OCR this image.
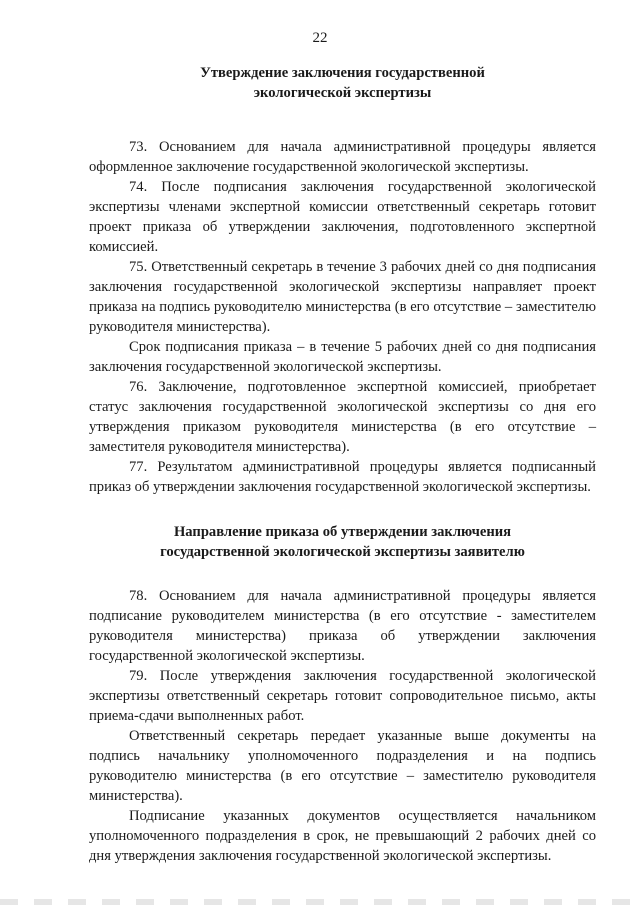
22
Утверждение заключения государственной
экологической экспертизы

73. Основанием для начала административной процедуры является оформленное заключение государственной экологической экспертизы.

74. После подписания заключения государственной экологической экспертизы членами экспертной комиссии ответственный секретарь готовит проект приказа об утверждении заключения, подготовленного экспертной комиссией.

75. Ответственный секретарь в течение 3 рабочих дней со дня подписания заключения государственной экологической экспертизы направляет проект приказа на подпись руководителю министерства (в его отсутствие – заместителю руководителя министерства).

Срок подписания приказа – в течение 5 рабочих дней со дня подписания заключения государственной экологической экспертизы.

76. Заключение, подготовленное экспертной комиссией, приобретает статус заключения государственной экологической экспертизы со дня его утверждения приказом руководителя министерства (в его отсутствие – заместителя руководителя министерства).

77. Результатом административной процедуры является подписанный приказ об утверждении заключения государственной экологической экспертизы.

Направление приказа об утверждении заключения
государственной экологической экспертизы заявителю

78. Основанием для начала административной процедуры является подписание руководителем министерства (в его отсутствие - заместителем руководителя министерства) приказа об утверждении заключения государственной экологической экспертизы.

79. После утверждения заключения государственной экологической экспертизы ответственный секретарь готовит сопроводительное письмо, акты приема-сдачи выполненных работ.

Ответственный секретарь передает указанные выше документы на подпись начальнику уполномоченного подразделения и на подпись руководителю министерства (в его отсутствие – заместителю руководителя министерства).

Подписание указанных документов осуществляется начальником уполномоченного подразделения в срок, не превышающий 2 рабочих дней со дня утверждения заключения государственной экологической экспертизы.
